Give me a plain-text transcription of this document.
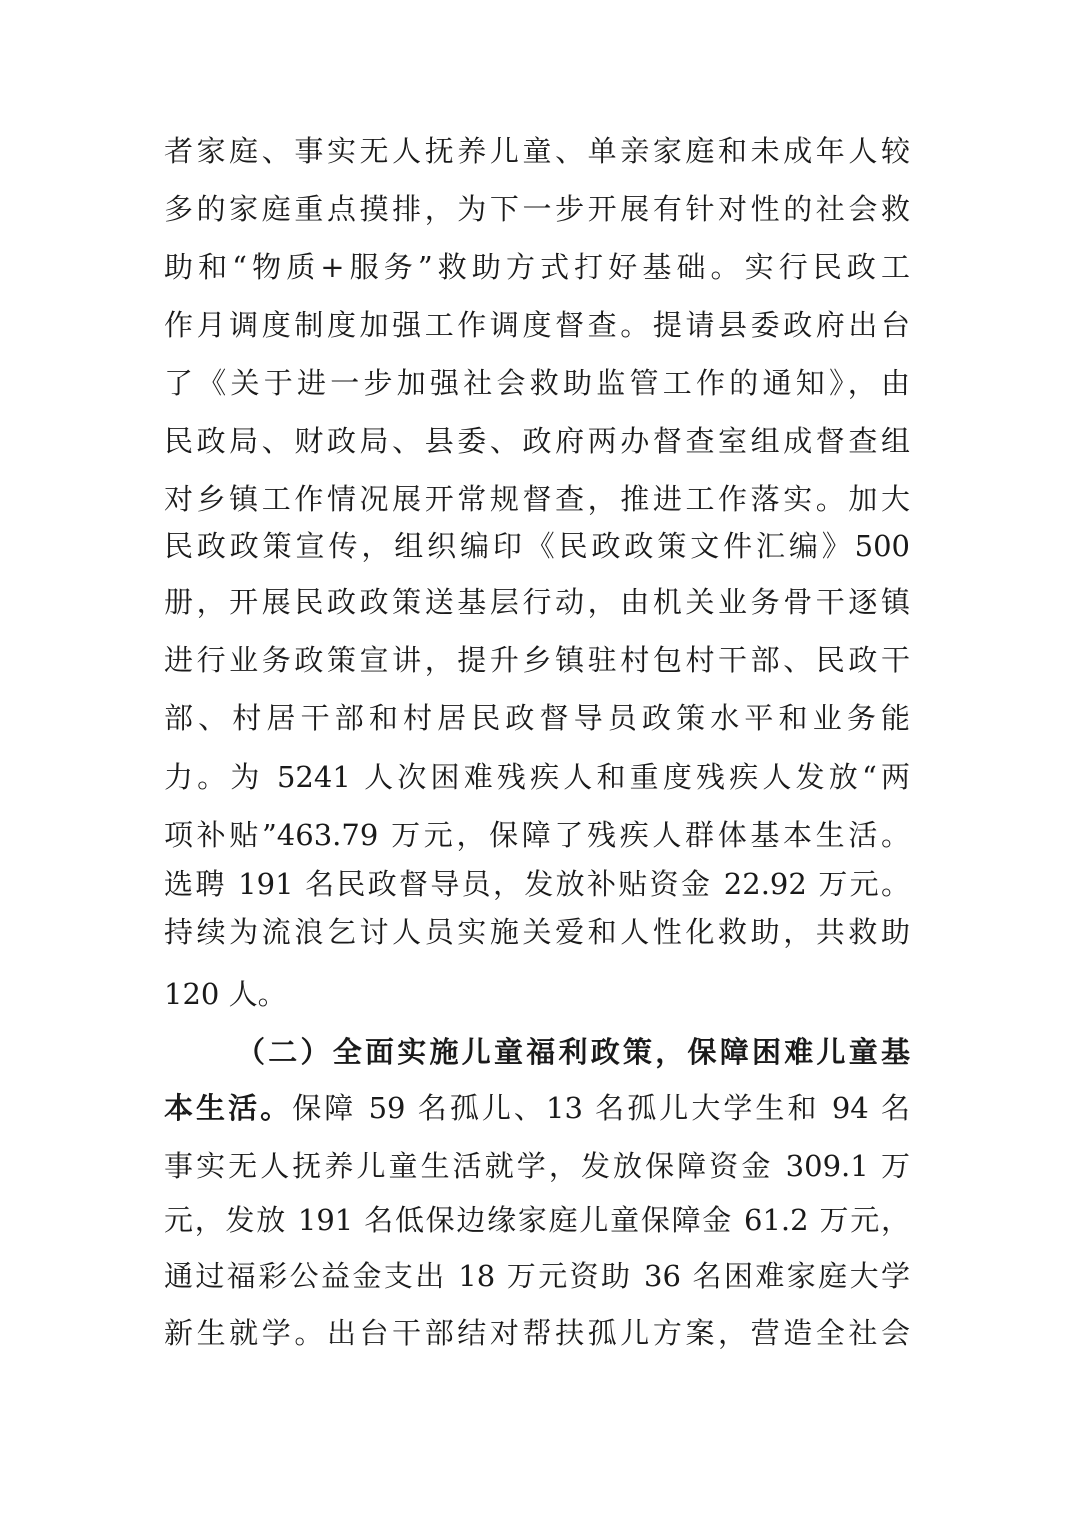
者家庭、事实无人抚养儿童、单亲家庭和未成年人较
多的家庭重点摸排，为下一步开展有针对性的社会救
助和“物质+服务”救助方式打好基础。实行民政工
作月调度制度加强工作调度督查。提请县委政府出台
了《关于进一步加强社会救助监管工作的通知》，由
民政局、财政局、县委、政府两办督查室组成督查组
对乡镇工作情况展开常规督查，推进工作落实。加大
民政政策宣传，组织编印《民政政策文件汇编》500
册，开展民政政策送基层行动，由机关业务骨干逐镇
进行业务政策宣讲，提升乡镇驻村包村干部、民政干
部、村居干部和村居民政督导员政策水平和业务能
力。为 5241 人次困难残疾人和重度残疾人发放“两
项补贴”463.79 万元，保障了残疾人群体基本生活。
选聘 191 名民政督导员，发放补贴资金 22.92 万元。
持续为流浪乞讨人员实施关爱和人性化救助，共救助
120 人。
（二）全面实施儿童福利政策，保障困难儿童基
本生活。保障 59 名孤儿、13 名孤儿大学生和 94 名
事实无人抚养儿童生活就学，发放保障资金 309.1 万
元，发放 191 名低保边缘家庭儿童保障金 61.2 万元，
通过福彩公益金支出 18 万元资助 36 名困难家庭大学
新生就学。出台干部结对帮扶孤儿方案，营造全社会
